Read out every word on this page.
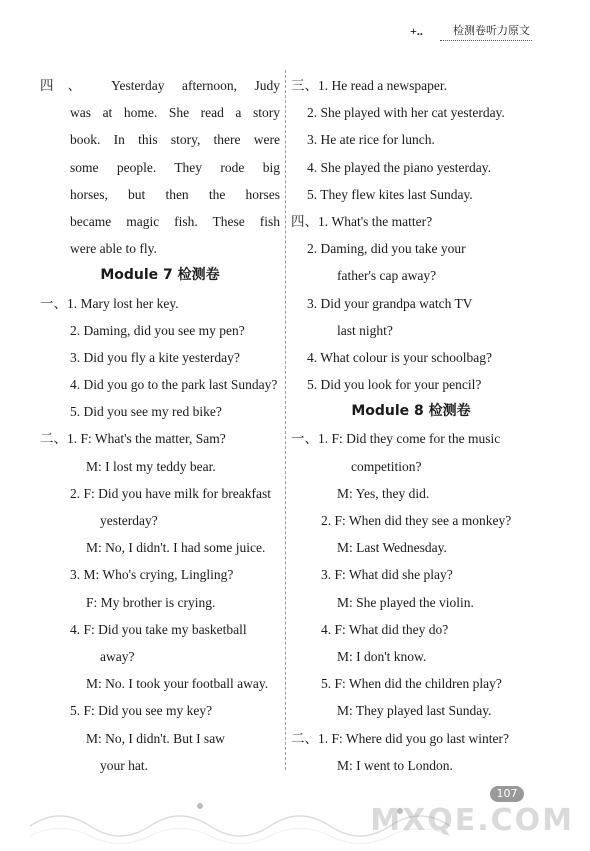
+..	检测卷听力原文
四、 Yesterday afternoon, Judy
was at home. She read a story
book. In this story, there were
some people. They rode big
horses, but then the horses
became magic fish. These fish
were able to fly.
Module 7 检测卷
一、1. Mary lost her key.
2. Daming, did you see my pen?
3. Did you fly a kite yesterday?
4. Did you go to the park last Sunday?
5. Did you see my red bike?
二、1. F: What's the matter, Sam?
M: I lost my teddy bear.
2. F: Did you have milk for breakfast
yesterday?
M: No, I didn't. I had some juice.
3. M: Who's crying, Lingling?
F: My brother is crying.
4. F: Did you take my basketball
away?
M: No. I took your football away.
5. F: Did you see my key?
M: No, I didn't. But I saw
your hat.
三、1. He read a newspaper.
2. She played with her cat yesterday.
3. He ate rice for lunch.
4. She played the piano yesterday.
5. They flew kites last Sunday.
四、1. What's the matter?
2. Daming, did you take your
father's cap away?
3. Did your grandpa watch TV
last night?
4. What colour is your schoolbag?
5. Did you look for your pencil?
Module 8 检测卷
一、1. F: Did they come for the music
competition?
M: Yes, they did.
2. F: When did they see a monkey?
M: Last Wednesday.
3. F: What did she play?
M: She played the violin.
4. F: What did they do?
M: I don't know.
5. F: When did the children play?
M: They played last Sunday.
二、1. F: Where did you go last winter?
M: I went to London.
107
MXQE.COM
